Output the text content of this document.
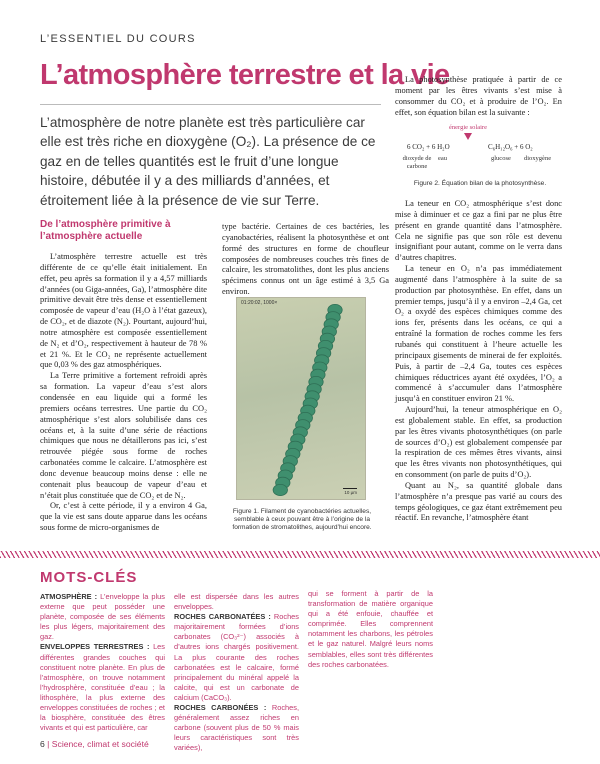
L’ESSENTIEL DU COURS
L’atmosphère terrestre et la vie

L’atmosphère de notre planète est très particulière car elle est très riche en dioxygène (O₂). La présence de ce gaz en de telles quantités est le fruit d’une longue histoire, débutée il y a des milliards d’années, et étroitement liée à la présence de vie sur Terre.

De l’atmosphère primitive à l’atmosphère actuelle

L’atmosphère terrestre actuelle est très différente de ce qu’elle était initialement. En effet, peu après sa formation il y a 4,57 milliards d’années (ou Giga-années, Ga), l’atmosphère dite primitive devait être très dense et essentiellement composée de vapeur d’eau (H₂O à l’état gazeux), de CO₂, et de diazote (N₂). Pourtant, aujourd’hui, notre atmosphère est composée essentiellement de N₂ et d’O₂, respectivement à hauteur de 78 % et 21 %. Et le CO₂ ne représente actuellement que 0,03 % des gaz atmosphériques.

La Terre primitive a fortement refroidi après sa formation. La vapeur d’eau s’est alors condensée en eau liquide qui a formé les premiers océans terrestres. Une partie du CO₂ atmosphérique s’est alors solubilisée dans ces océans et, à la suite d’une série de réactions chimiques que nous ne détaillerons pas ici, s’est retrouvée piégée sous forme de roches carbonatées comme le calcaire. L’atmosphère est donc devenue beaucoup moins dense : elle ne contenait plus beaucoup de vapeur d’eau et n’était plus constituée que de CO₂ et de N₂.

Or, c’est à cette période, il y a environ 4 Ga, que la vie est sans doute apparue dans les océans sous forme de micro-organismes de

type bactérie. Certaines de ces bactéries, les cyanobactéries, réalisent la photosynthèse et ont formé des structures en forme de choufleur composées de nombreuses couches très fines de calcaire, les stromatolithes, dont les plus anciens spécimens connus ont un âge estimé à 3,5 Ga environ.

01:20:02, 1000×
10 µm
Figure 1. Filament de cyanobactéries actuelles, semblable à ceux pouvant être à l’origine de la formation de stromatolithes, aujourd’hui encore.

La photosynthèse pratiquée à partir de ce moment par les êtres vivants s’est mise à consommer du CO₂ et à produire de l’O₂. En effet, son équation bilan est la suivante :

énergie solaire
6 CO₂ + 6 H₂O	C₆H₁₂O₆ + 6 O₂
dioxyde de carbone
eau	glucose dioxygène
Figure 2. Équation bilan de la photosynthèse.

La teneur en CO₂ atmosphérique s’est donc mise à diminuer et ce gaz a fini par ne plus être présent en grande quantité dans l’atmosphère. Cela ne signifie pas que son rôle est devenu insignifiant pour autant, comme on le verra dans d’autres chapitres.

La teneur en O₂ n’a pas immédiatement augmenté dans l’atmosphère à la suite de sa production par photosynthèse. En effet, dans un premier temps, jusqu’à il y a environ –2,4 Ga, cet O₂ a oxydé des espèces chimiques comme des ions fer, présents dans les océans, ce qui a entraîné la formation de roches comme les fers rubanés qui constituent à l’heure actuelle les principaux gisements de minerai de fer exploités. Puis, à partir de –2,4 Ga, toutes ces espèces chimiques réductrices ayant été oxydées, l’O₂ a commencé à s’accumuler dans l’atmosphère jusqu’à en constituer environ 21 %.

Aujourd’hui, la teneur atmosphérique en O₂ est globalement stable. En effet, sa production par les êtres vivants photosynthétiques (on parle de sources d’O₂) est globalement compensée par la respiration de ces mêmes êtres vivants, ainsi que les êtres vivants non photosynthétiques, qui en consomment (on parle de puits d’O₂).

Quant au N₂, sa quantité globale dans l’atmosphère n’a presque pas varié au cours des temps géologiques, ce gaz étant extrêmement peu réactif. En revanche, l’atmosphère étant

MOTS-CLÉS

ATMOSPHÈRE : L’enveloppe la plus externe que peut posséder une planète, composée de ses éléments les plus légers, majoritairement des gaz.

ENVELOPPES TERRESTRES : Les différentes grandes couches qui constituent notre planète. En plus de l’atmosphère, on trouve notamment l’hydrosphère, constituée d’eau ; la lithosphère, la plus externe des enveloppes constituées de roches ; et la biosphère, constituée des êtres vivants et qui est particulière, car

elle est dispersée dans les autres enveloppes.

ROCHES CARBONATÉES : Roches majoritairement formées d’ions carbonates (CO₃²⁻) associés à d’autres ions chargés positivement. La plus courante des roches carbonatées est le calcaire, formé principalement du minéral appelé la calcite, qui est un carbonate de calcium (CaCO₃).

ROCHES CARBONÉES : Roches, généralement assez riches en carbone (souvent plus de 50 % mais leurs caractéristiques sont très variées),

qui se forment à partir de la transformation de matière organique qui a été enfouie, chauffée et comprimée. Elles comprennent notamment les charbons, les pétroles et le gaz naturel. Malgré leurs noms semblables, elles sont très différentes des roches carbonatées.

6 | Science, climat et société
